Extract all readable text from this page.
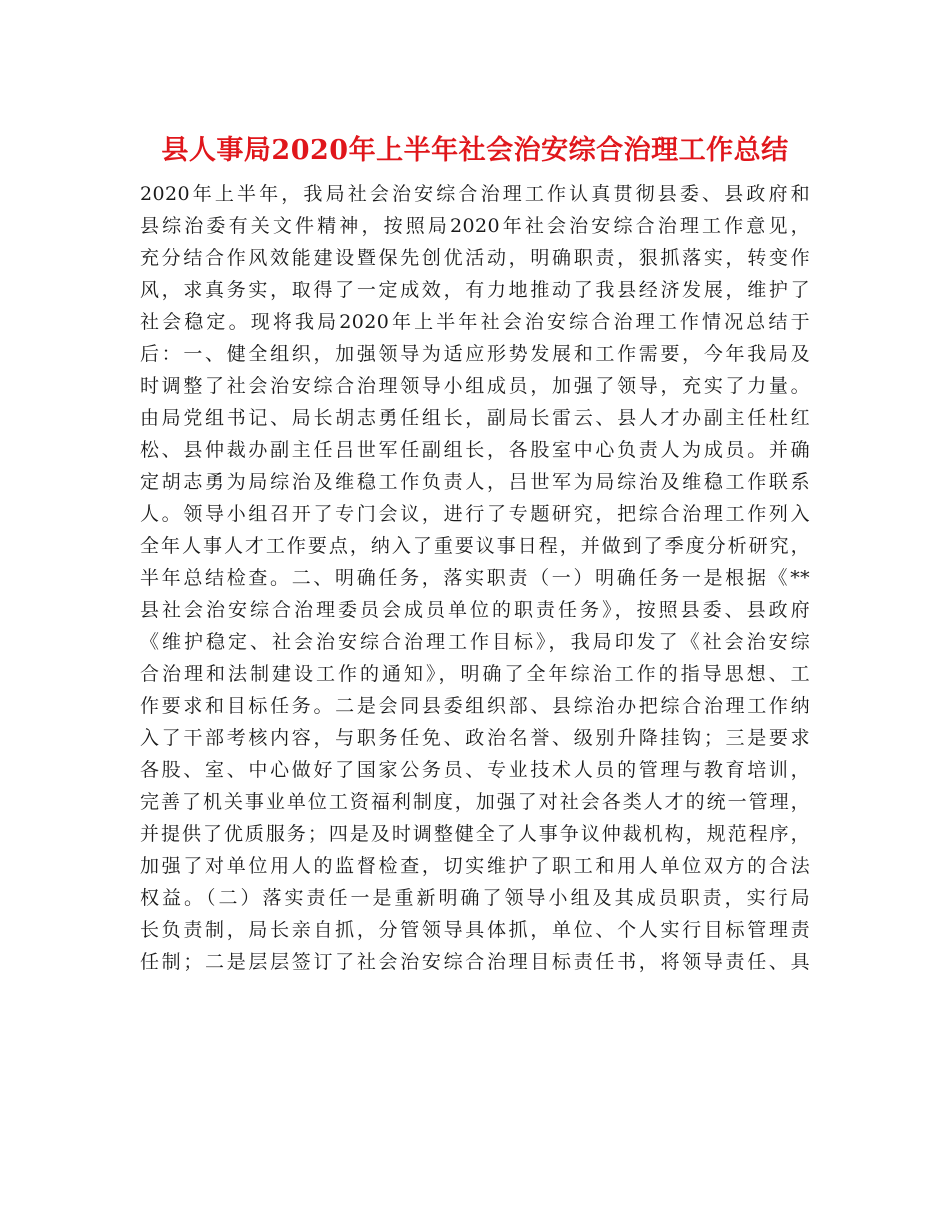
县人事局2020年上半年社会治安综合治理工作总结
2020年上半年，我局社会治安综合治理工作认真贯彻县委、县政府和
县综治委有关文件精神，按照局2020年社会治安综合治理工作意见，
充分结合作风效能建设暨保先创优活动，明确职责，狠抓落实，转变作
风，求真务实，取得了一定成效，有力地推动了我县经济发展，维护了
社会稳定。现将我局2020年上半年社会治安综合治理工作情况总结于
后：一、健全组织，加强领导为适应形势发展和工作需要，今年我局及
时调整了社会治安综合治理领导小组成员，加强了领导，充实了力量。
由局党组书记、局长胡志勇任组长，副局长雷云、县人才办副主任杜红
松、县仲裁办副主任吕世军任副组长，各股室中心负责人为成员。并确
定胡志勇为局综治及维稳工作负责人，吕世军为局综治及维稳工作联系
人。领导小组召开了专门会议，进行了专题研究，把综合治理工作列入
全年人事人才工作要点，纳入了重要议事日程，并做到了季度分析研究，
半年总结检查。二、明确任务，落实职责（一）明确任务一是根据《**
县社会治安综合治理委员会成员单位的职责任务》，按照县委、县政府
《维护稳定、社会治安综合治理工作目标》，我局印发了《社会治安综
合治理和法制建设工作的通知》，明确了全年综治工作的指导思想、工
作要求和目标任务。二是会同县委组织部、县综治办把综合治理工作纳
入了干部考核内容，与职务任免、政治名誉、级别升降挂钩；三是要求
各股、室、中心做好了国家公务员、专业技术人员的管理与教育培训，
完善了机关事业单位工资福利制度，加强了对社会各类人才的统一管理，
并提供了优质服务；四是及时调整健全了人事争议仲裁机构，规范程序，
加强了对单位用人的监督检查，切实维护了职工和用人单位双方的合法
权益。（二）落实责任一是重新明确了领导小组及其成员职责，实行局
长负责制，局长亲自抓，分管领导具体抓，单位、个人实行目标管理责
任制；二是层层签订了社会治安综合治理目标责任书，将领导责任、具
